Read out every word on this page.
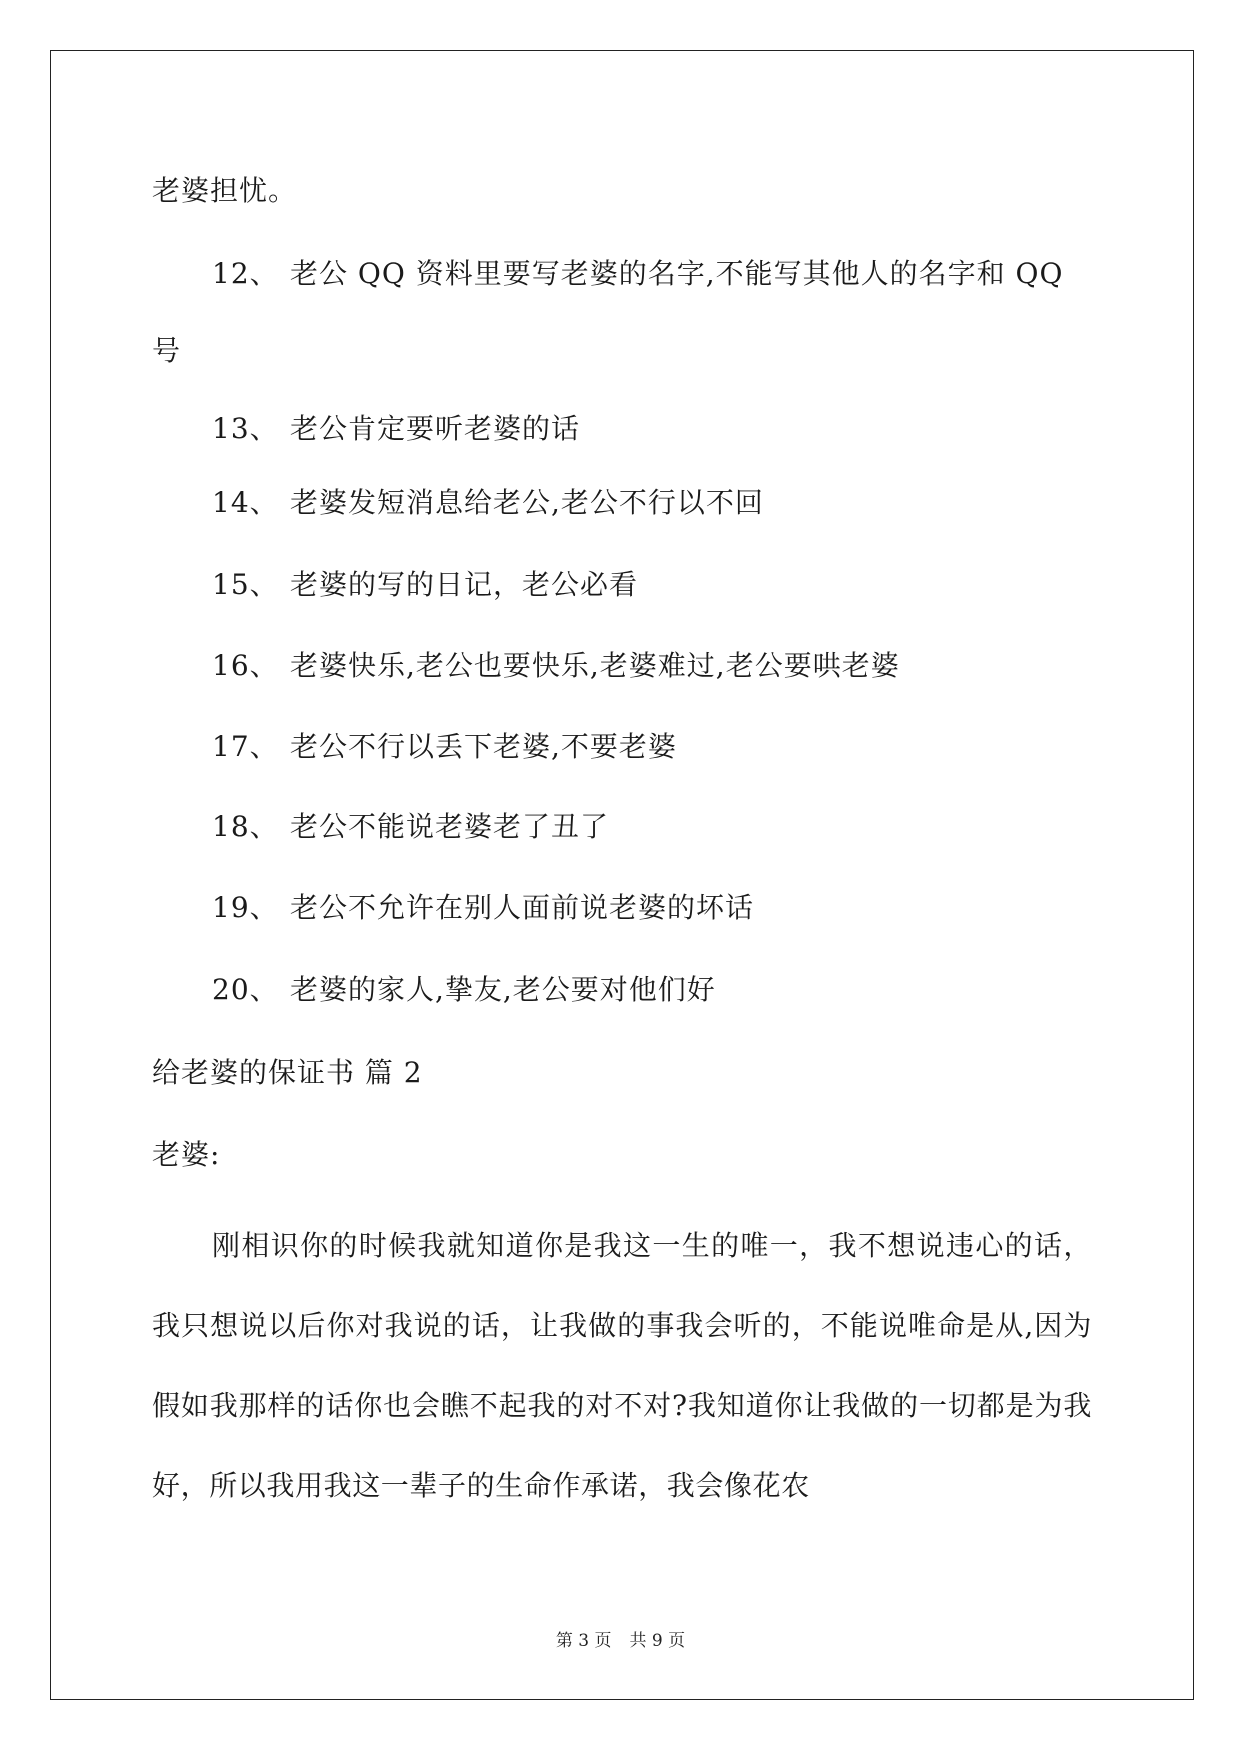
老婆担忧。
12、 老公 QQ 资料里要写老婆的名字,不能写其他人的名字和 QQ
号
13、 老公肯定要听老婆的话
14、 老婆发短消息给老公,老公不行以不回
15、 老婆的写的日记，老公必看
16、 老婆快乐,老公也要快乐,老婆难过,老公要哄老婆
17、 老公不行以丢下老婆,不要老婆
18、 老公不能说老婆老了丑了
19、 老公不允许在别人面前说老婆的坏话
20、 老婆的家人,挚友,老公要对他们好
给老婆的保证书 篇 2
老婆:
刚相识你的时候我就知道你是我这一生的唯一，我不想说违心的话，我只想说以后你对我说的话，让我做的事我会听的，不能说唯命是从,因为假如我那样的话你也会瞧不起我的对不对?我知道你让我做的一切都是为我好，所以我用我这一辈子的生命作承诺，我会像花农
第 3 页 共 9 页
